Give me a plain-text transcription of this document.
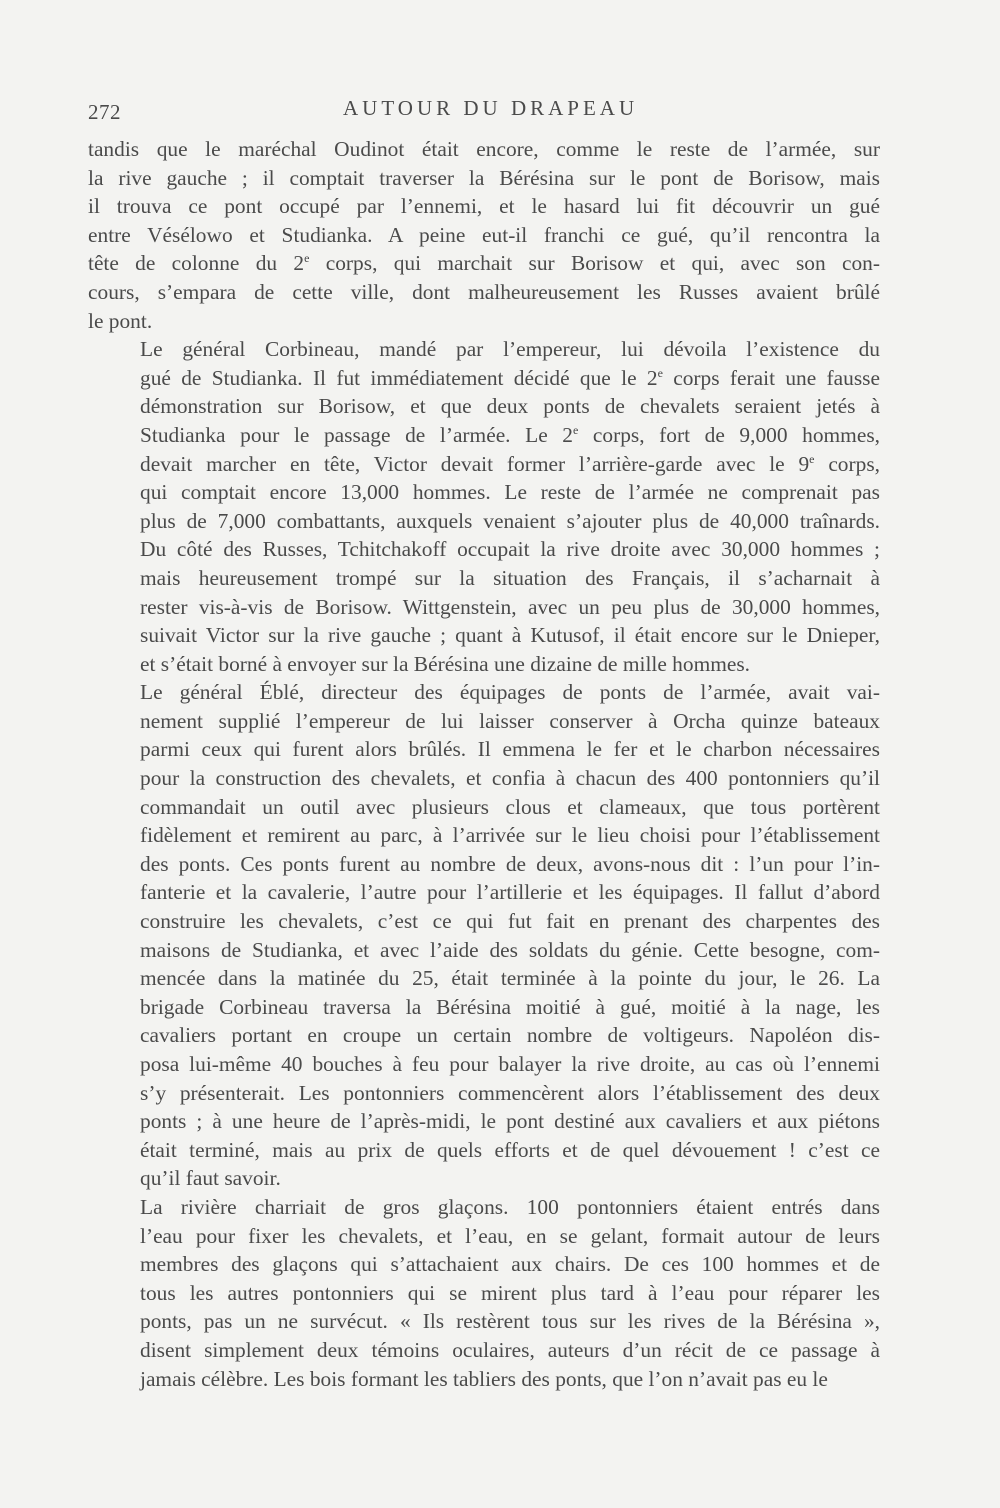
272	AUTOUR DU DRAPEAU

tandis que le maréchal Oudinot était encore, comme le reste de l’armée, sur
la rive gauche ; il comptait traverser la Bérésina sur le pont de Borisow, mais
il trouva ce pont occupé par l’ennemi, et le hasard lui fit découvrir un gué
entre Vésélowo et Studianka. A peine eut-il franchi ce gué, qu’il rencontra la
tête de colonne du 2e corps, qui marchait sur Borisow et qui, avec son con-
cours, s’empara de cette ville, dont malheureusement les Russes avaient brûlé
le pont.

Le général Corbineau, mandé par l’empereur, lui dévoila l’existence du
gué de Studianka. Il fut immédiatement décidé que le 2e corps ferait une fausse
démonstration sur Borisow, et que deux ponts de chevalets seraient jetés à
Studianka pour le passage de l’armée. Le 2e corps, fort de 9,000 hommes,
devait marcher en tête, Victor devait former l’arrière-garde avec le 9e corps,
qui comptait encore 13,000 hommes. Le reste de l’armée ne comprenait pas
plus de 7,000 combattants, auxquels venaient s’ajouter plus de 40,000 traînards.
Du côté des Russes, Tchitchakoff occupait la rive droite avec 30,000 hommes ;
mais heureusement trompé sur la situation des Français, il s’acharnait à
rester vis-à-vis de Borisow. Wittgenstein, avec un peu plus de 30,000 hommes,
suivait Victor sur la rive gauche ; quant à Kutusof, il était encore sur le Dnieper,
et s’était borné à envoyer sur la Bérésina une dizaine de mille hommes.

Le général Éblé, directeur des équipages de ponts de l’armée, avait vai-
nement supplié l’empereur de lui laisser conserver à Orcha quinze bateaux
parmi ceux qui furent alors brûlés. Il emmena le fer et le charbon nécessaires
pour la construction des chevalets, et confia à chacun des 400 pontonniers qu’il
commandait un outil avec plusieurs clous et clameaux, que tous portèrent
fidèlement et remirent au parc, à l’arrivée sur le lieu choisi pour l’établissement
des ponts. Ces ponts furent au nombre de deux, avons-nous dit : l’un pour l’in-
fanterie et la cavalerie, l’autre pour l’artillerie et les équipages. Il fallut d’abord
construire les chevalets, c’est ce qui fut fait en prenant des charpentes des
maisons de Studianka, et avec l’aide des soldats du génie. Cette besogne, com-
mencée dans la matinée du 25, était terminée à la pointe du jour, le 26. La
brigade Corbineau traversa la Bérésina moitié à gué, moitié à la nage, les
cavaliers portant en croupe un certain nombre de voltigeurs. Napoléon dis-
posa lui-même 40 bouches à feu pour balayer la rive droite, au cas où l’ennemi
s’y présenterait. Les pontonniers commencèrent alors l’établissement des deux
ponts ; à une heure de l’après-midi, le pont destiné aux cavaliers et aux piétons
était terminé, mais au prix de quels efforts et de quel dévouement ! c’est ce
qu’il faut savoir.

La rivière charriait de gros glaçons. 100 pontonniers étaient entrés dans
l’eau pour fixer les chevalets, et l’eau, en se gelant, formait autour de leurs
membres des glaçons qui s’attachaient aux chairs. De ces 100 hommes et de
tous les autres pontonniers qui se mirent plus tard à l’eau pour réparer les
ponts, pas un ne survécut. « Ils restèrent tous sur les rives de la Bérésina »,
disent simplement deux témoins oculaires, auteurs d’un récit de ce passage à
jamais célèbre. Les bois formant les tabliers des ponts, que l’on n’avait pas eu le
